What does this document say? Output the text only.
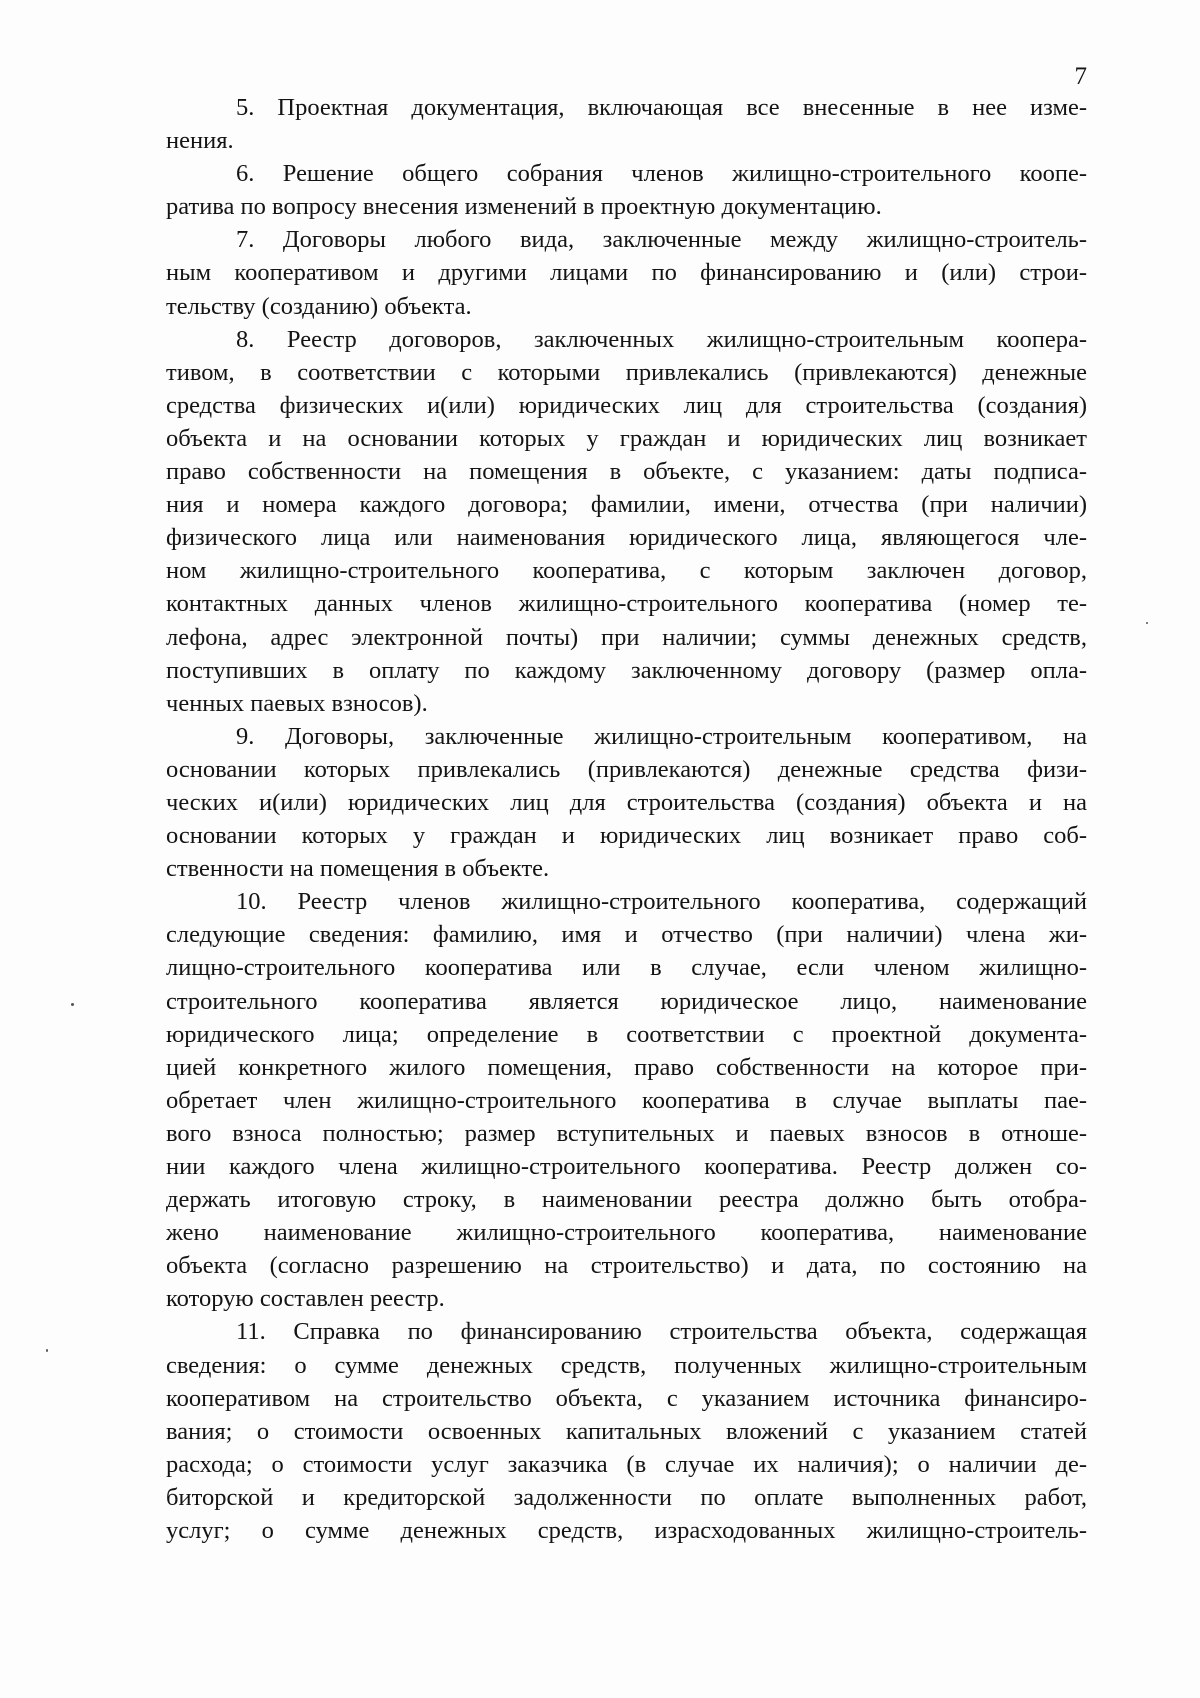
7
5. Проектная документация, включающая все внесенные в нее изме-
нения.
6. Решение общего собрания членов жилищно-строительного коопе-
ратива по вопросу внесения изменений в проектную документацию.
7. Договоры любого вида, заключенные между жилищно-строитель-
ным кооперативом и другими лицами по финансированию и (или) строи-
тельству (созданию) объекта.
8. Реестр договоров, заключенных жилищно-строительным коопера-
тивом, в соответствии с которыми привлекались (привлекаются) денежные
средства физических и(или) юридических лиц для строительства (создания)
объекта и на основании которых у граждан и юридических лиц возникает
право собственности на помещения в объекте, с указанием: даты подписа-
ния и номера каждого договора; фамилии, имени, отчества (при наличии)
физического лица или наименования юридического лица, являющегося чле-
ном жилищно-строительного кооператива, с которым заключен договор,
контактных данных членов жилищно-строительного кооператива (номер те-
лефона, адрес электронной почты) при наличии; суммы денежных средств,
поступивших в оплату по каждому заключенному договору (размер опла-
ченных паевых взносов).
9. Договоры, заключенные жилищно-строительным кооперативом, на
основании которых привлекались (привлекаются) денежные средства физи-
ческих и(или) юридических лиц для строительства (создания) объекта и на
основании которых у граждан и юридических лиц возникает право соб-
ственности на помещения в объекте.
10. Реестр членов жилищно-строительного кооператива, содержащий
следующие сведения: фамилию, имя и отчество (при наличии) члена жи-
лищно-строительного кооператива или в случае, если членом жилищно-
строительного кооператива является юридическое лицо, наименование
юридического лица; определение в соответствии с проектной документа-
цией конкретного жилого помещения, право собственности на которое при-
обретает член жилищно-строительного кооператива в случае выплаты пае-
вого взноса полностью; размер вступительных и паевых взносов в отноше-
нии каждого члена жилищно-строительного кооператива. Реестр должен со-
держать итоговую строку, в наименовании реестра должно быть отобра-
жено наименование жилищно-строительного кооператива, наименование
объекта (согласно разрешению на строительство) и дата, по состоянию на
которую составлен реестр.
11. Справка по финансированию строительства объекта, содержащая
сведения: о сумме денежных средств, полученных жилищно-строительным
кооперативом на строительство объекта, с указанием источника финансиро-
вания; о стоимости освоенных капитальных вложений с указанием статей
расхода; о стоимости услуг заказчика (в случае их наличия); о наличии де-
биторской и кредиторской задолженности по оплате выполненных работ,
услуг; о сумме денежных средств, израсходованных жилищно-строитель-
